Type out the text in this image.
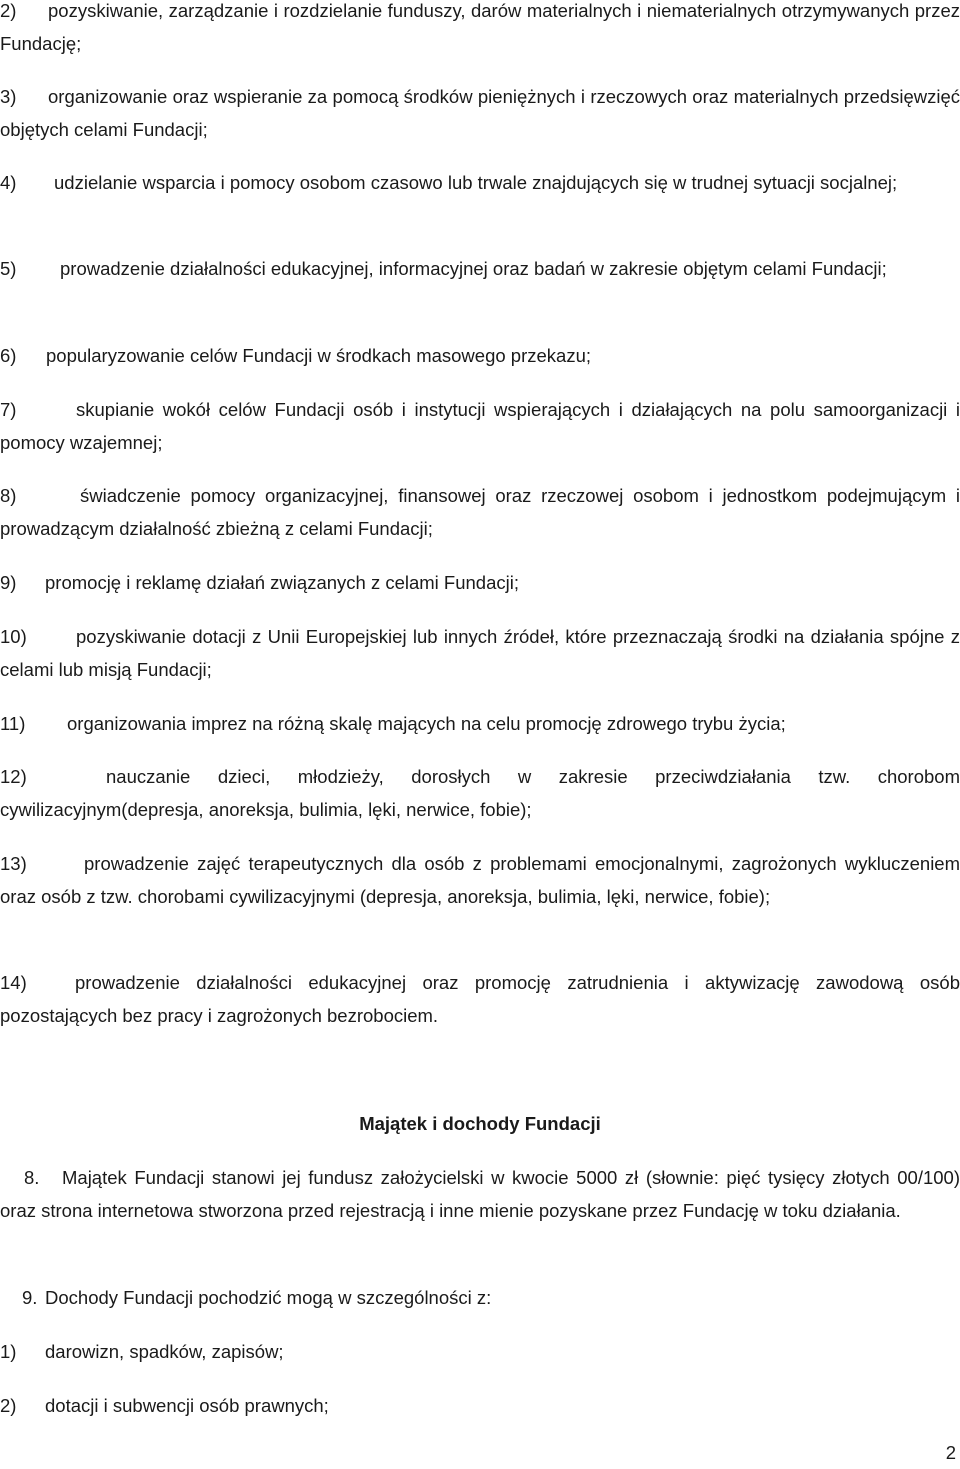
2) pozyskiwanie, zarządzanie i rozdzielanie funduszy, darów materialnych i niematerialnych otrzymywanych przez Fundację;
3) organizowanie oraz wspieranie za pomocą środków pieniężnych i rzeczowych oraz materialnych przedsięwzięć objętych celami Fundacji;
4) udzielanie wsparcia i pomocy osobom czasowo lub trwale znajdujących się w trudnej sytuacji socjalnej;
5) prowadzenie działalności edukacyjnej, informacyjnej oraz badań w zakresie objętym celami Fundacji;
6) popularyzowanie celów Fundacji w środkach masowego przekazu;
7)	skupianie wokół celów Fundacji osób i instytucji wspierających i działających na polu samoorganizacji i pomocy wzajemnej;
8)	świadczenie pomocy organizacyjnej, finansowej oraz rzeczowej osobom i jednostkom podejmującym i prowadzącym działalność zbieżną z celami Fundacji;
9) promocję i reklamę działań związanych z celami Fundacji;
10)	pozyskiwanie dotacji z Unii Europejskiej lub innych źródeł, które przeznaczają środki na działania spójne z celami lub misją Fundacji;
11) organizowania imprez na różną skalę mających na celu promocję zdrowego trybu życia;
12)	nauczanie dzieci, młodzieży, dorosłych w zakresie przeciwdziałania tzw. chorobom cywilizacyjnym(depresja, anoreksja, bulimia, lęki, nerwice, fobie);
13)	prowadzenie zajęć terapeutycznych dla osób z problemami emocjonalnymi, zagrożonych wykluczeniem oraz osób z tzw. chorobami cywilizacyjnymi (depresja, anoreksja, bulimia, lęki, nerwice, fobie);
14)	prowadzenie działalności edukacyjnej oraz promocję zatrudnienia i aktywizację zawodową osób pozostających bez pracy i zagrożonych bezrobociem.
Majątek i dochody Fundacji
8. Majątek Fundacji stanowi jej fundusz założycielski w kwocie 5000 zł (słownie: pięć tysięcy złotych 00/100) oraz strona internetowa stworzona przed rejestracją i inne mienie pozyskane przez Fundację w toku działania.
9. Dochody Fundacji pochodzić mogą w szczególności z:
1) darowizn, spadków, zapisów;
2) dotacji i subwencji osób prawnych;
2
